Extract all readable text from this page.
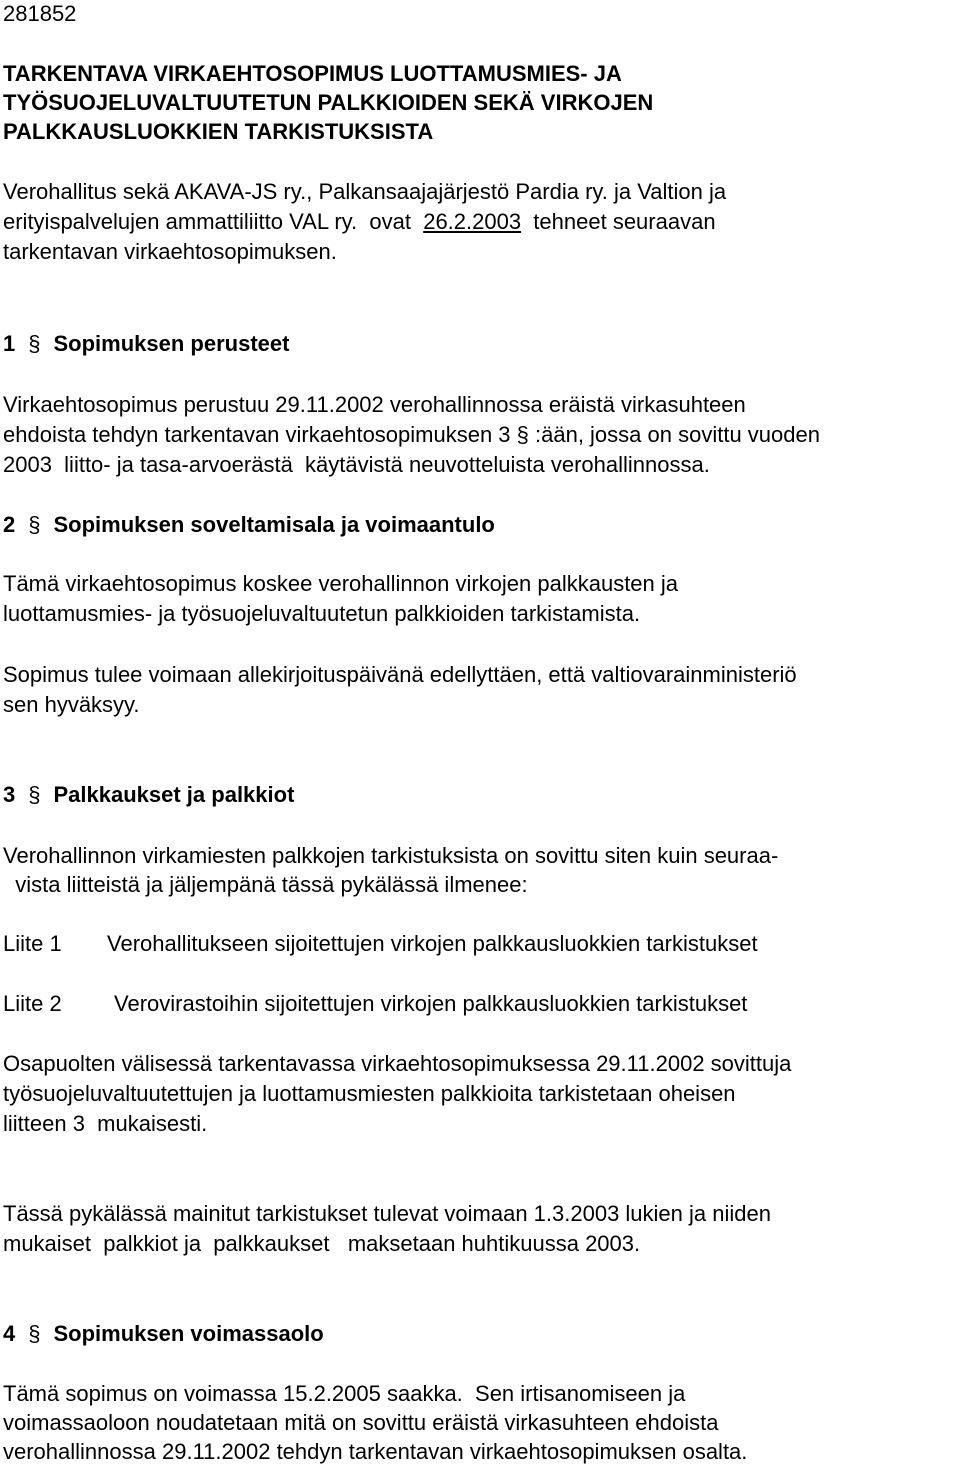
281852
TARKENTAVA VIRKAEHTOSOPIMUS LUOTTAMUSMIES- JA
TYÖSUOJELUVALTUUTETUN PALKKIOIDEN SEKÄ VIRKOJEN
PALKKAUSLUOKKIEN TARKISTUKSISTA
Verohallitus sekä AKAVA-JS ry., Palkansaajajärjestö Pardia ry. ja Valtion ja
erityispalvelujen ammattiliitto VAL ry.  ovat  26.2.2003  tehneet seuraavan
tarkentavan virkaehtosopimuksen.
1 § Sopimuksen perusteet
Virkaehtosopimus perustuu 29.11.2002 verohallinnossa eräistä virkasuhteen
ehdoista tehdyn tarkentavan virkaehtosopimuksen 3 § :ään, jossa on sovittu vuoden
2003  liitto- ja tasa-arvoerästä  käytävistä neuvotteluista verohallinnossa.
2 § Sopimuksen soveltamisala ja voimaantulo
Tämä virkaehtosopimus koskee verohallinnon virkojen palkkausten ja
luottamusmies- ja työsuojeluvaltuutetun palkkioiden tarkistamista.
Sopimus tulee voimaan allekirjoituspäivänä edellyttäen, että valtiovarainministeriö
sen hyväksyy.
3 § Palkkaukset ja palkkiot
Verohallinnon virkamiesten palkkojen tarkistuksista on sovittu siten kuin seuraa-
vista liitteistä ja jäljempänä tässä pykälässä ilmenee:
Liite 1 Verohallitukseen sijoitettujen virkojen palkkausluokkien tarkistukset
Liite 2 Verovirastoihin sijoitettujen virkojen palkkausluokkien tarkistukset
Osapuolten välisessä tarkentavassa virkaehtosopimuksessa 29.11.2002 sovittuja
työsuojeluvaltuutettujen ja luottamusmiesten palkkioita tarkistetaan oheisen
liitteen 3  mukaisesti.
Tässä pykälässä mainitut tarkistukset tulevat voimaan 1.3.2003 lukien ja niiden
mukaiset  palkkiot ja  palkkaukset   maksetaan huhtikuussa 2003.
4 § Sopimuksen voimassaolo
Tämä sopimus on voimassa 15.2.2005 saakka.  Sen irtisanomiseen ja
voimassaoloon noudatetaan mitä on sovittu eräistä virkasuhteen ehdoista
verohallinnossa 29.11.2002 tehdyn tarkentavan virkaehtosopimuksen osalta.
